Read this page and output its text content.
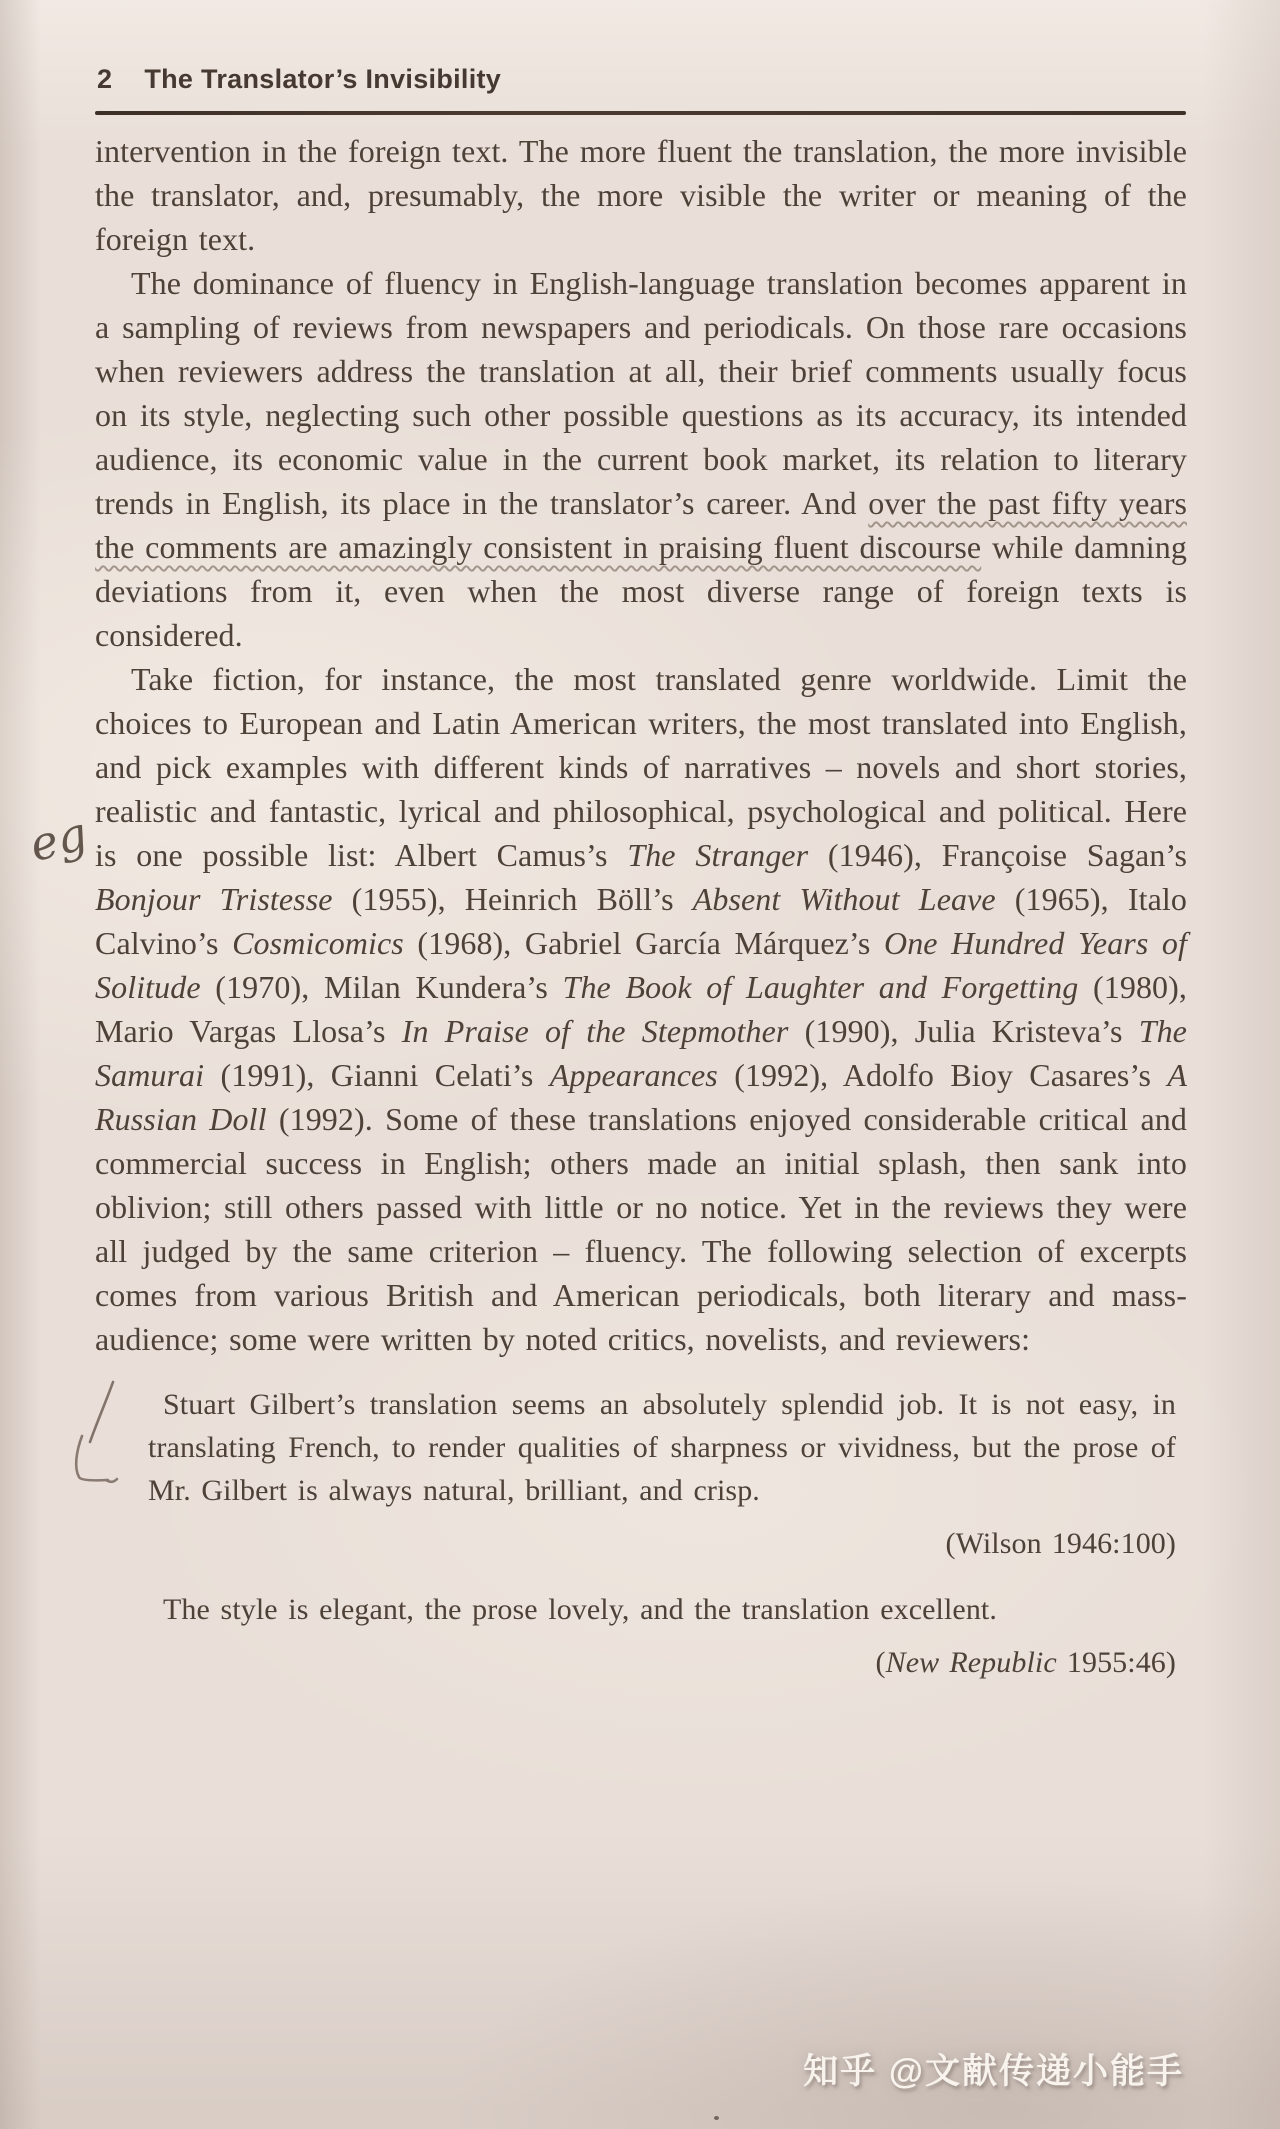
2 The Translator’s Invisibility

intervention in the foreign text. The more fluent the translation, the more invisible the translator, and, presumably, the more visible the writer or meaning of the foreign text.

The dominance of fluency in English-language translation becomes apparent in a sampling of reviews from newspapers and periodicals. On those rare occasions when reviewers address the translation at all, their brief comments usually focus on its style, neglecting such other possible questions as its accuracy, its intended audience, its economic value in the current book market, its relation to literary trends in English, its place in the translator’s career. And over the past fifty years the comments are amazingly consistent in praising fluent discourse while damning deviations from it, even when the most diverse range of foreign texts is considered.

Take fiction, for instance, the most translated genre worldwide. Limit the choices to European and Latin American writers, the most translated into English, and pick examples with different kinds of narratives – novels and short stories, realistic and fantastic, lyrical and philosophical, psychological and political. Here is one possible list: Albert Camus’s The Stranger (1946), Françoise Sagan’s Bonjour Tristesse (1955), Heinrich Böll’s Absent Without Leave (1965), Italo Calvino’s Cosmicomics (1968), Gabriel García Márquez’s One Hundred Years of Solitude (1970), Milan Kundera’s The Book of Laughter and Forgetting (1980), Mario Vargas Llosa’s In Praise of the Stepmother (1990), Julia Kristeva’s The Samurai (1991), Gianni Celati’s Appearances (1992), Adolfo Bioy Casares’s A Russian Doll (1992). Some of these translations enjoyed considerable critical and commercial success in English; others made an initial splash, then sank into oblivion; still others passed with little or no notice. Yet in the reviews they were all judged by the same criterion – fluency. The following selection of excerpts comes from various British and American periodicals, both literary and mass-audience; some were written by noted critics, novelists, and reviewers:

Stuart Gilbert’s translation seems an absolutely splendid job. It is not easy, in translating French, to render qualities of sharpness or vividness, but the prose of Mr. Gilbert is always natural, brilliant, and crisp.

(Wilson 1946:100)

The style is elegant, the prose lovely, and the translation excellent.

(New Republic 1955:46)

eg
知乎 @文献传递小能手
